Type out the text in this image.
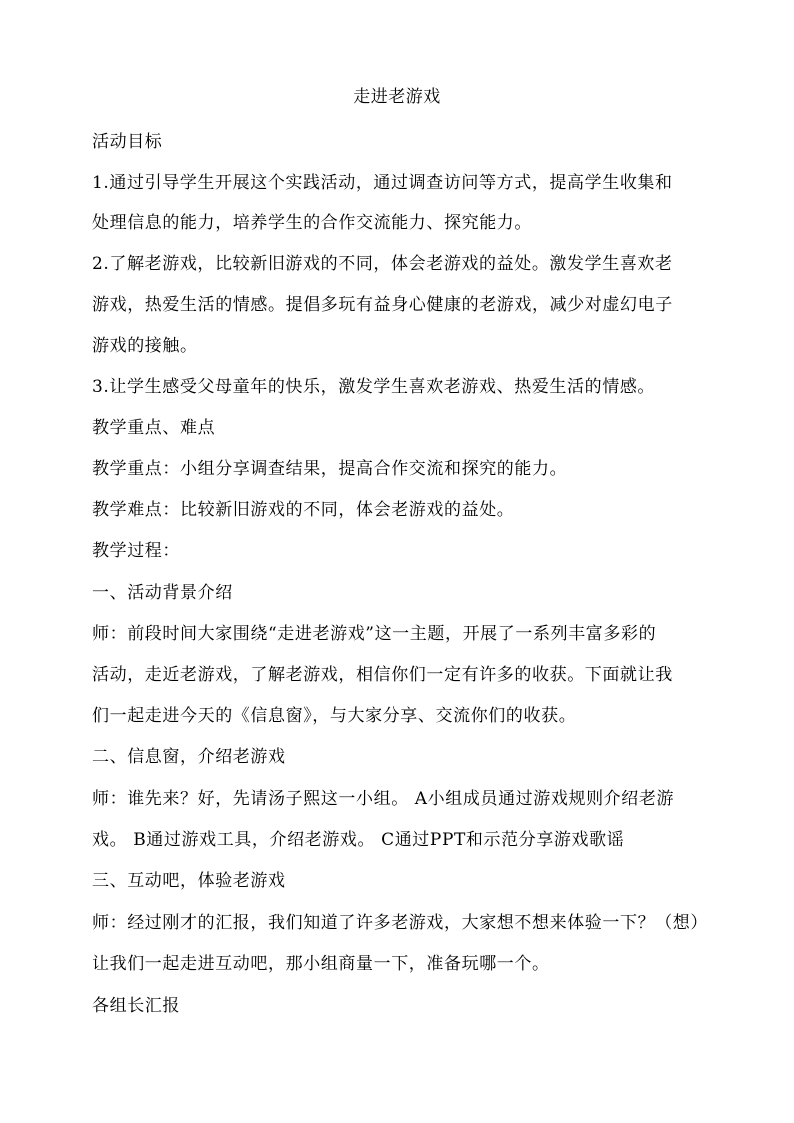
走进老游戏
活动目标
1.通过引导学生开展这个实践活动，通过调查访问等方式，提高学生收集和
处理信息的能力，培养学生的合作交流能力、探究能力。
2.了解老游戏，比较新旧游戏的不同，体会老游戏的益处。激发学生喜欢老
游戏，热爱生活的情感。提倡多玩有益身心健康的老游戏，减少对虚幻电子
游戏的接触。
3.让学生感受父母童年的快乐，激发学生喜欢老游戏、热爱生活的情感。
教学重点、难点
教学重点：小组分享调查结果，提高合作交流和探究的能力。
教学难点：比较新旧游戏的不同，体会老游戏的益处。
教学过程：
一、活动背景介绍
师：前段时间大家围绕“走进老游戏”这一主题，开展了一系列丰富多彩的
活动，走近老游戏，了解老游戏，相信你们一定有许多的收获。下面就让我
们一起走进今天的《信息窗》，与大家分享、交流你们的收获。
二、信息窗，介绍老游戏
师：谁先来？好，先请汤子熙这一小组。 A小组成员通过游戏规则介绍老游
戏。 B通过游戏工具，介绍老游戏。 C通过PPT和示范分享游戏歌谣
三、互动吧，体验老游戏
师：经过刚才的汇报，我们知道了许多老游戏，大家想不想来体验一下？（想）
让我们一起走进互动吧，那小组商量一下，准备玩哪一个。
各组长汇报
